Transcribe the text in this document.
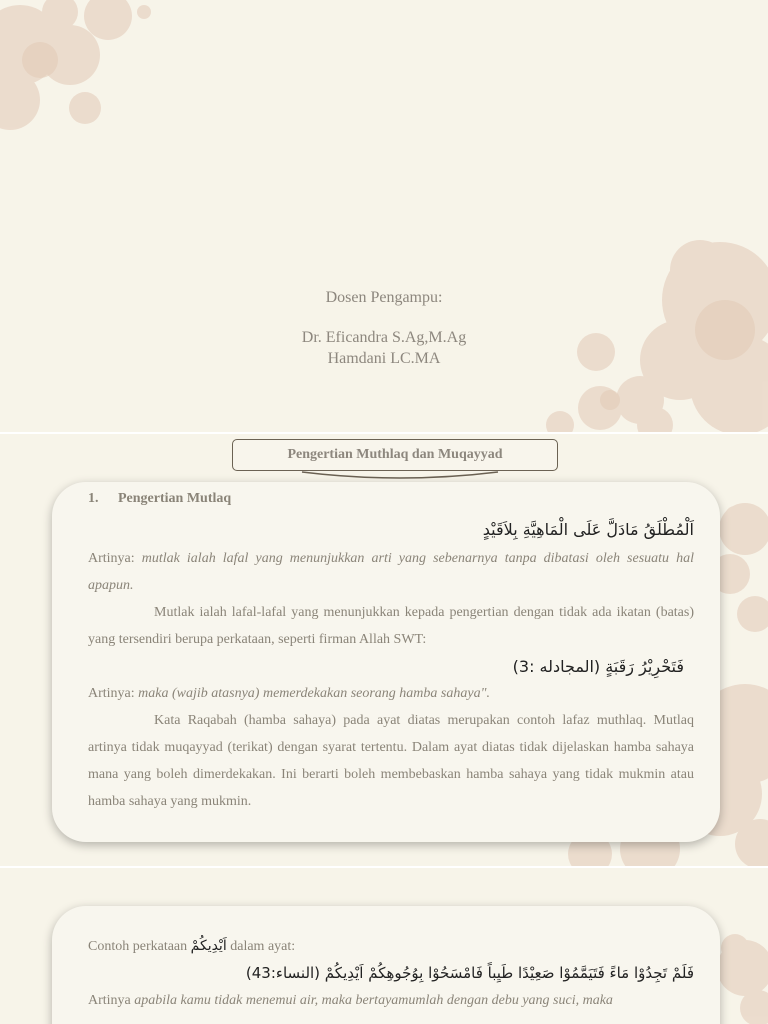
Dosen Pengampu:
Dr. Eficandra S.Ag,M.Ag
Hamdani LC.MA
Pengertian Muthlaq dan Muqayyad
1. Pengertian Mutlaq
اَلْمُطْلَقُ مَادَلَّ عَلَى الْمَاهِيَّةِ بِلاَقَيْدٍ
Artinya: mutlak ialah lafal yang menunjukkan arti yang sebenarnya tanpa dibatasi oleh sesuatu hal apapun.
Mutlak ialah lafal-lafal yang menunjukkan kepada pengertian dengan tidak ada ikatan (batas) yang tersendiri berupa perkataan, seperti firman Allah SWT:
فَتَحْرِيْرُ رَقَبَةٍ (المجادله :3)
Artinya: maka (wajib atasnya) memerdekakan seorang hamba sahaya".
Kata Raqabah (hamba sahaya) pada ayat diatas merupakan contoh lafaz muthlaq. Mutlaq artinya tidak muqayyad (terikat) dengan syarat tertentu. Dalam ayat diatas tidak dijelaskan hamba sahaya mana yang boleh dimerdekakan. Ini berarti boleh membebaskan hamba sahaya yang tidak mukmin atau hamba sahaya yang mukmin.
Contoh perkataan اَيْدِيكُمْ dalam ayat:
فَلَمْ تَجِدُوْا مَاءً فَتَيَمَّمُوْا صَعِيْدًا طَيِباً فَامْسَحُوْا بِوُجُوهِكُمْ اَيْدِيكُمْ (النساء:43)
Artinya apabila kamu tidak menemui air, maka bertayamumlah dengan debu yang suci, maka
